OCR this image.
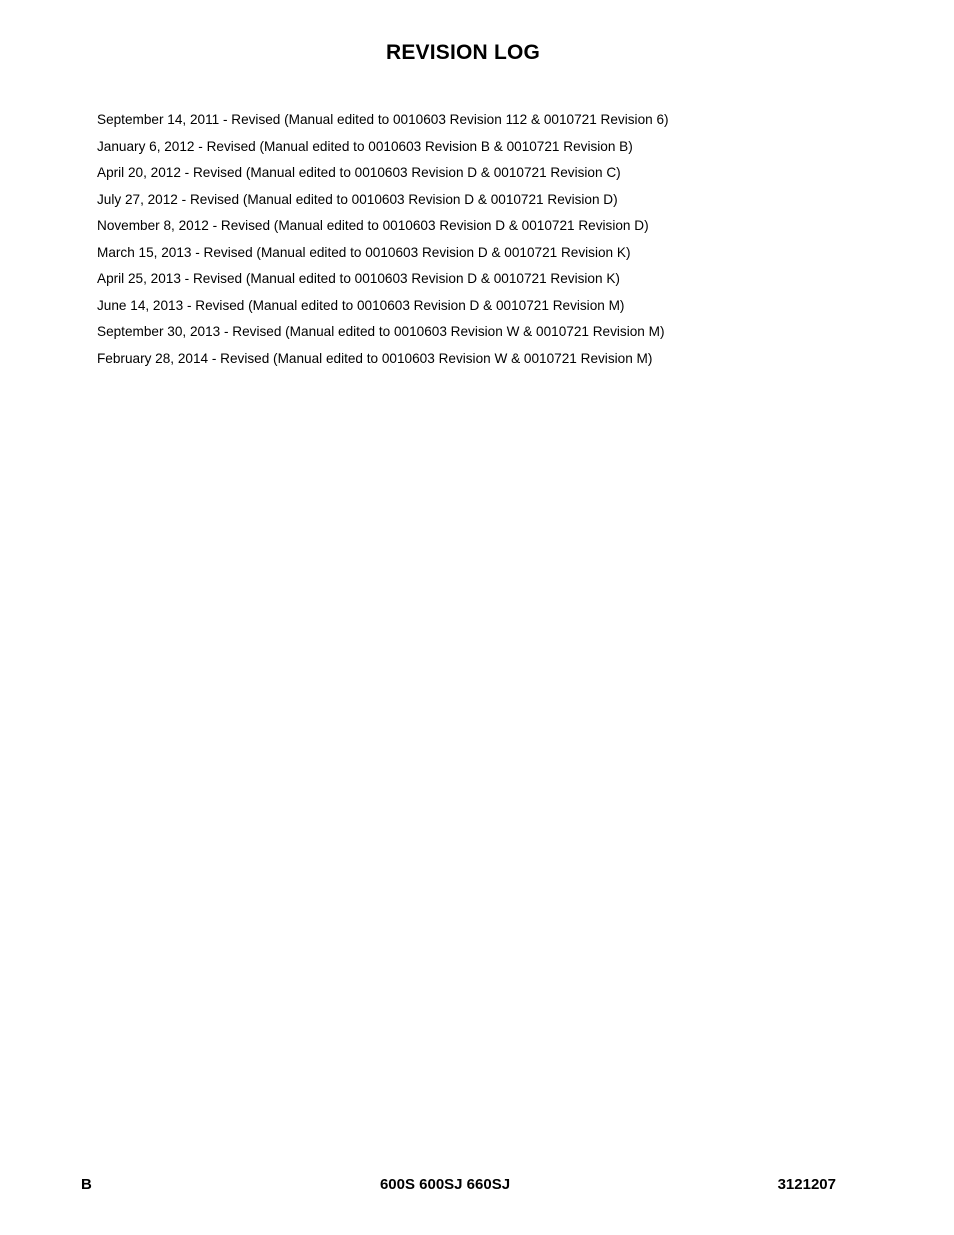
REVISION LOG
September 14, 2011 - Revised (Manual edited to 0010603 Revision 112 & 0010721 Revision 6)
January 6, 2012 - Revised (Manual edited to 0010603 Revision B & 0010721 Revision B)
April 20, 2012 - Revised (Manual edited to 0010603 Revision D & 0010721 Revision C)
July 27, 2012 - Revised (Manual edited to 0010603 Revision D & 0010721 Revision D)
November 8, 2012 - Revised (Manual edited to 0010603 Revision D & 0010721 Revision D)
March 15, 2013 - Revised (Manual edited to 0010603 Revision D & 0010721 Revision K)
April 25, 2013 - Revised (Manual edited to 0010603 Revision D & 0010721 Revision K)
June 14, 2013 - Revised (Manual edited to 0010603 Revision D & 0010721 Revision M)
September 30, 2013 - Revised (Manual edited to 0010603 Revision W & 0010721 Revision M)
February 28, 2014 - Revised (Manual edited to 0010603 Revision W & 0010721 Revision M)
B	600S 600SJ 660SJ	3121207
